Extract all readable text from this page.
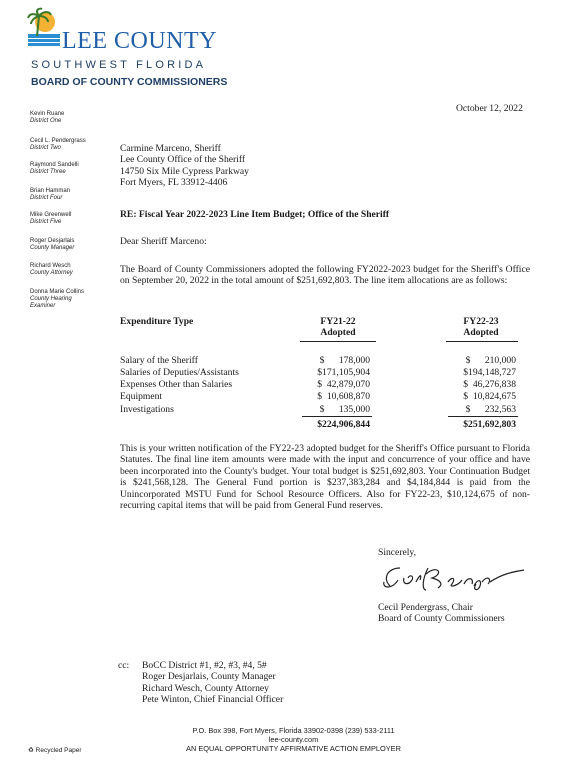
LEE COUNTY
SOUTHWEST FLORIDA
BOARD OF COUNTY COMMISSIONERS
Kevin Ruane
District One
Cecil L. Pendergrass
District Two
Raymond Sandelli
District Three
Brian Hamman
District Four
Mike Greenwell
District Five
Roger Desjarlais
County Manager
Richard Wesch
County Attorney
Donna Marie Collins
County Hearing
Examiner
October 12, 2022
Carmine Marceno, Sheriff
Lee County Office of the Sheriff
14750 Six Mile Cypress Parkway
Fort Myers, FL 33912-4406
RE: Fiscal Year 2022-2023 Line Item Budget; Office of the Sheriff
Dear Sheriff Marceno:
The Board of County Commissioners adopted the following FY2022-2023 budget for the Sheriff's Office on September 20, 2022 in the total amount of $251,692,803. The line item allocations are as follows:
Expenditure Type	FY21-22
Adopted
FY22-23
Adopted
Salary of the Sheriff
Salaries of Deputies/Assistants
Expenses Other than Salaries
Equipment
Investigations
$      178,000
$171,105,904
$  42,879,070
$  10,608,870
$      135,000
$      210,000
$194,148,727
$  46,276,838
$  10,824,675
$      232,563
$224,906,844	$251,692,803
This is your written notification of the FY22-23 adopted budget for the Sheriff's Office pursuant to Florida Statutes. The final line item amounts were made with the input and concurrence of your office and have been incorporated into the County's budget. Your total budget is $251,692,803. Your Continuation Budget is $241,568,128. The General Fund portion is $237,383,284 and $4,184,844 is paid from the Unincorporated MSTU Fund for School Resource Officers. Also for FY22-23, $10,124,675 of non-recurring capital items that will be paid from General Fund reserves.
Sincerely,
Cecil Pendergrass, Chair
Board of County Commissioners
cc: BoCC District #1, #2, #3, #4, 5#
Roger Desjarlais, County Manager
Richard Wesch, County Attorney
Pete Winton, Chief Financial Officer
P.O. Box 398, Fort Myers, Florida 33902-0398 (239) 533-2111
lee-county.com
AN EQUAL OPPORTUNITY AFFIRMATIVE ACTION EMPLOYER
♻ Recycled Paper
